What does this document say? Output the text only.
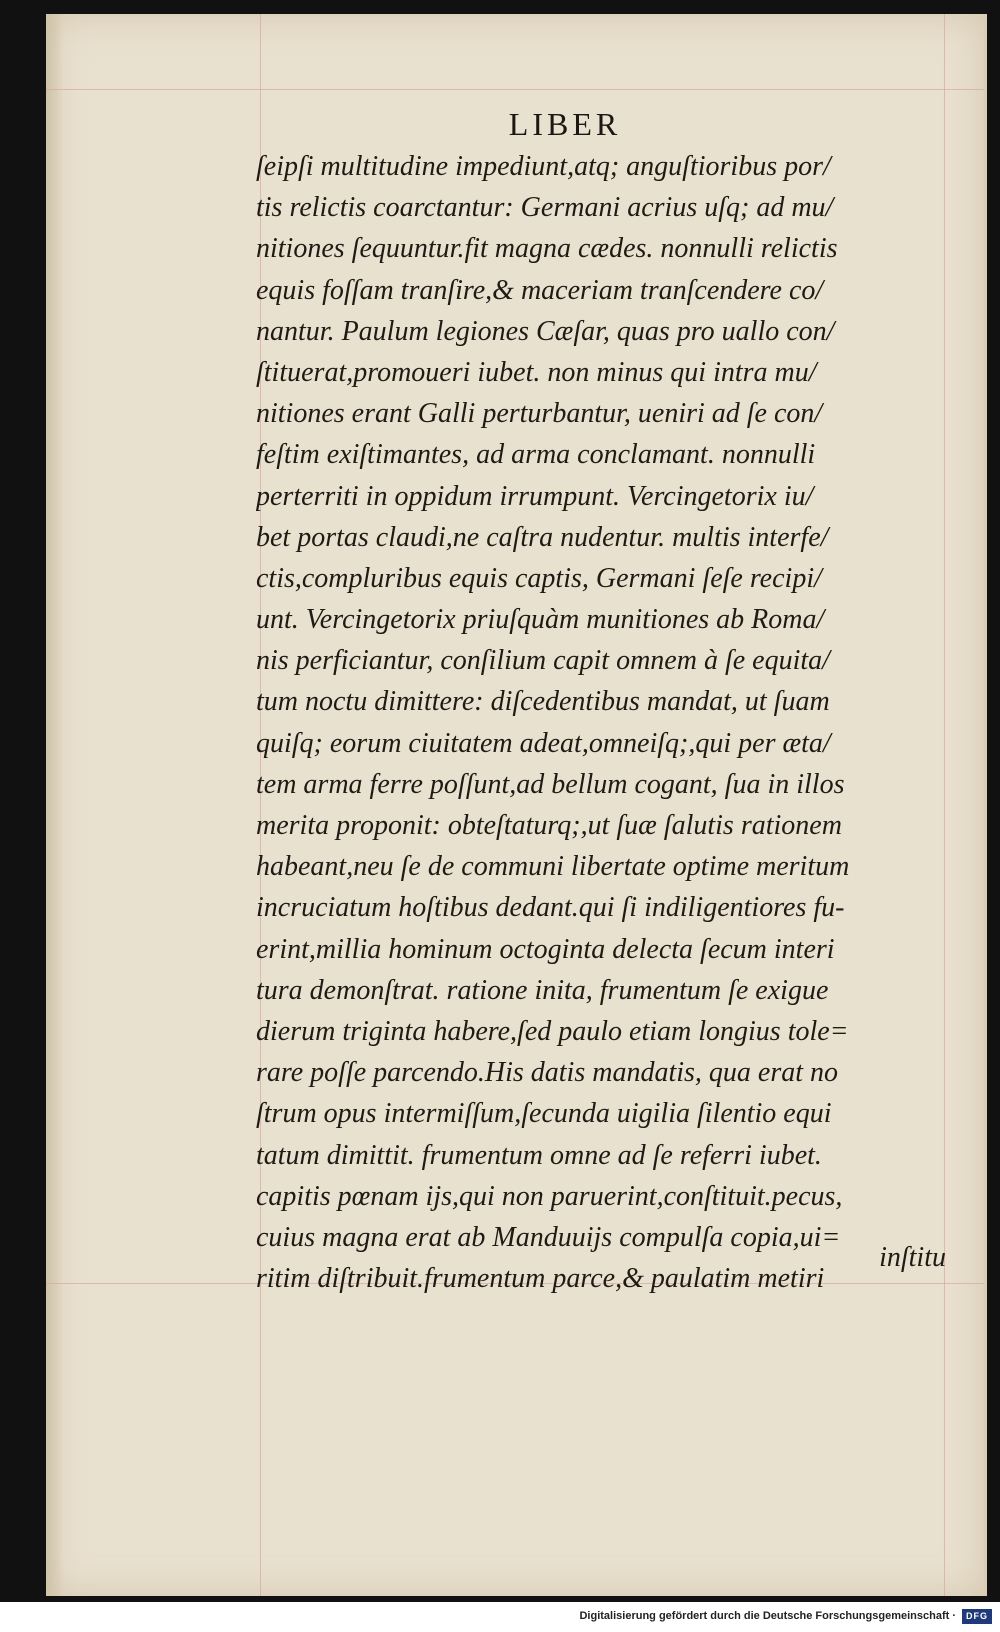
LIBER
ſeipſi multitudine impediunt,atq; anguſtioribus por/
tis relictis coarctantur: Germani acrius uſq; ad mu/
nitiones ſequuntur.fit magna cædes. nonnulli relictis
equis foſſam tranſire,& maceriam tranſcendere co/
nantur. Paulum legiones Cæſar, quas pro uallo con/
ſtituerat,promoueri iubet. non minus qui intra mu/
nitiones erant Galli perturbantur, ueniri ad ſe con/
feſtim exiſtimantes, ad arma conclamant. nonnulli
perterriti in oppidum irrumpunt. Vercingetorix iu/
bet portas claudi,ne caſtra nudentur. multis interfe/
ctis,compluribus equis captis, Germani ſeſe recipi/
unt. Vercingetorix priuſquàm munitiones ab Roma/
nis perficiantur, conſilium capit omnem à ſe equita/
tum noctu dimittere: diſcedentibus mandat, ut ſuam
quiſq; eorum ciuitatem adeat,omneiſq;,qui per æta/
tem arma ferre poſſunt,ad bellum cogant, ſua in illos
merita proponit: obteſtaturq;,ut ſuæ ſalutis rationem
habeant,neu ſe de communi libertate optime meritum
incruciatum hoſtibus dedant.qui ſi indiligentiores fu-
erint,millia hominum octoginta delecta ſecum interi
tura demonſtrat. ratione inita, frumentum ſe exigue
dierum triginta habere,ſed paulo etiam longius tole=
rare poſſe parcendo.His datis mandatis, qua erat no
ſtrum opus intermiſſum,ſecunda uigilia ſilentio equi
tatum dimittit. frumentum omne ad ſe referri iubet.
capitis pœnam ijs,qui non paruerint,conſtituit.pecus,
cuius magna erat ab Manduuijs compulſa copia,ui=
ritim diſtribuit.frumentum parce,& paulatim metiri
inſtitu
Digitalisierung gefördert durch die Deutsche Forschungsgemeinschaft ·	DFG
